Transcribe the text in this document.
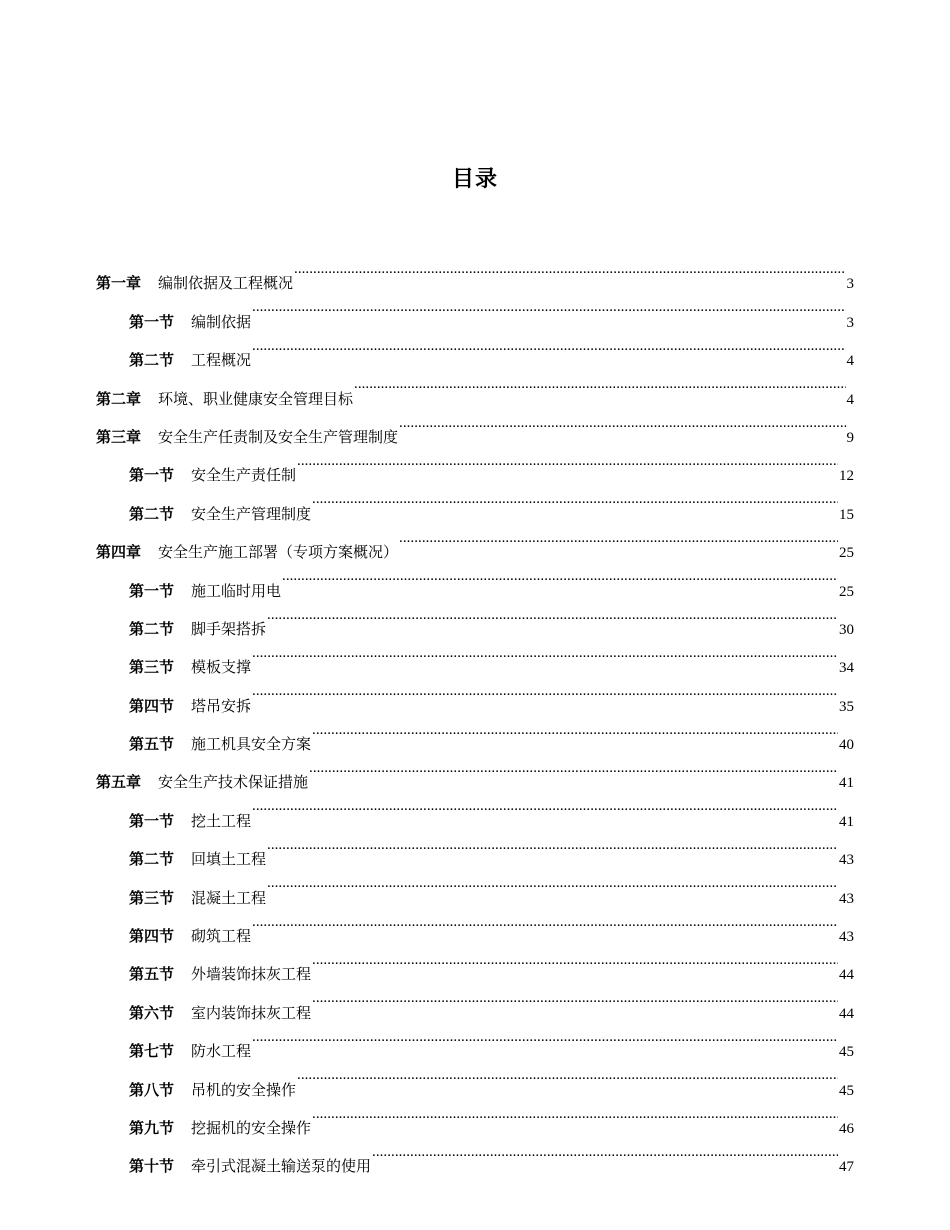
目录
第一章 编制依据及工程概况 .....	3
第一节 编制依据 .....	3
第二节 工程概况 .....	4
第二章 环境、职业健康安全管理目标 .....	4
第三章 安全生产任责制及安全生产管理制度 .....	9
第一节 安全生产责任制 .....	12
第二节 安全生产管理制度 .....	15
第四章 安全生产施工部署（专项方案概况） .....	25
第一节 施工临时用电 .....	25
第二节 脚手架搭拆 .....	30
第三节 模板支撑 .....	34
第四节 塔吊安拆 .....	35
第五节 施工机具安全方案 .....	40
第五章 安全生产技术保证措施 .....	41
第一节 挖土工程 .....	41
第二节 回填土工程 .....	43
第三节 混凝土工程 .....	43
第四节 砌筑工程 .....	43
第五节 外墙装饰抹灰工程 .....	44
第六节 室内装饰抹灰工程 .....	44
第七节 防水工程 .....	45
第八节 吊机的安全操作 .....	45
第九节 挖掘机的安全操作 .....	46
第十节 牵引式混凝土输送泵的使用 .....	47
